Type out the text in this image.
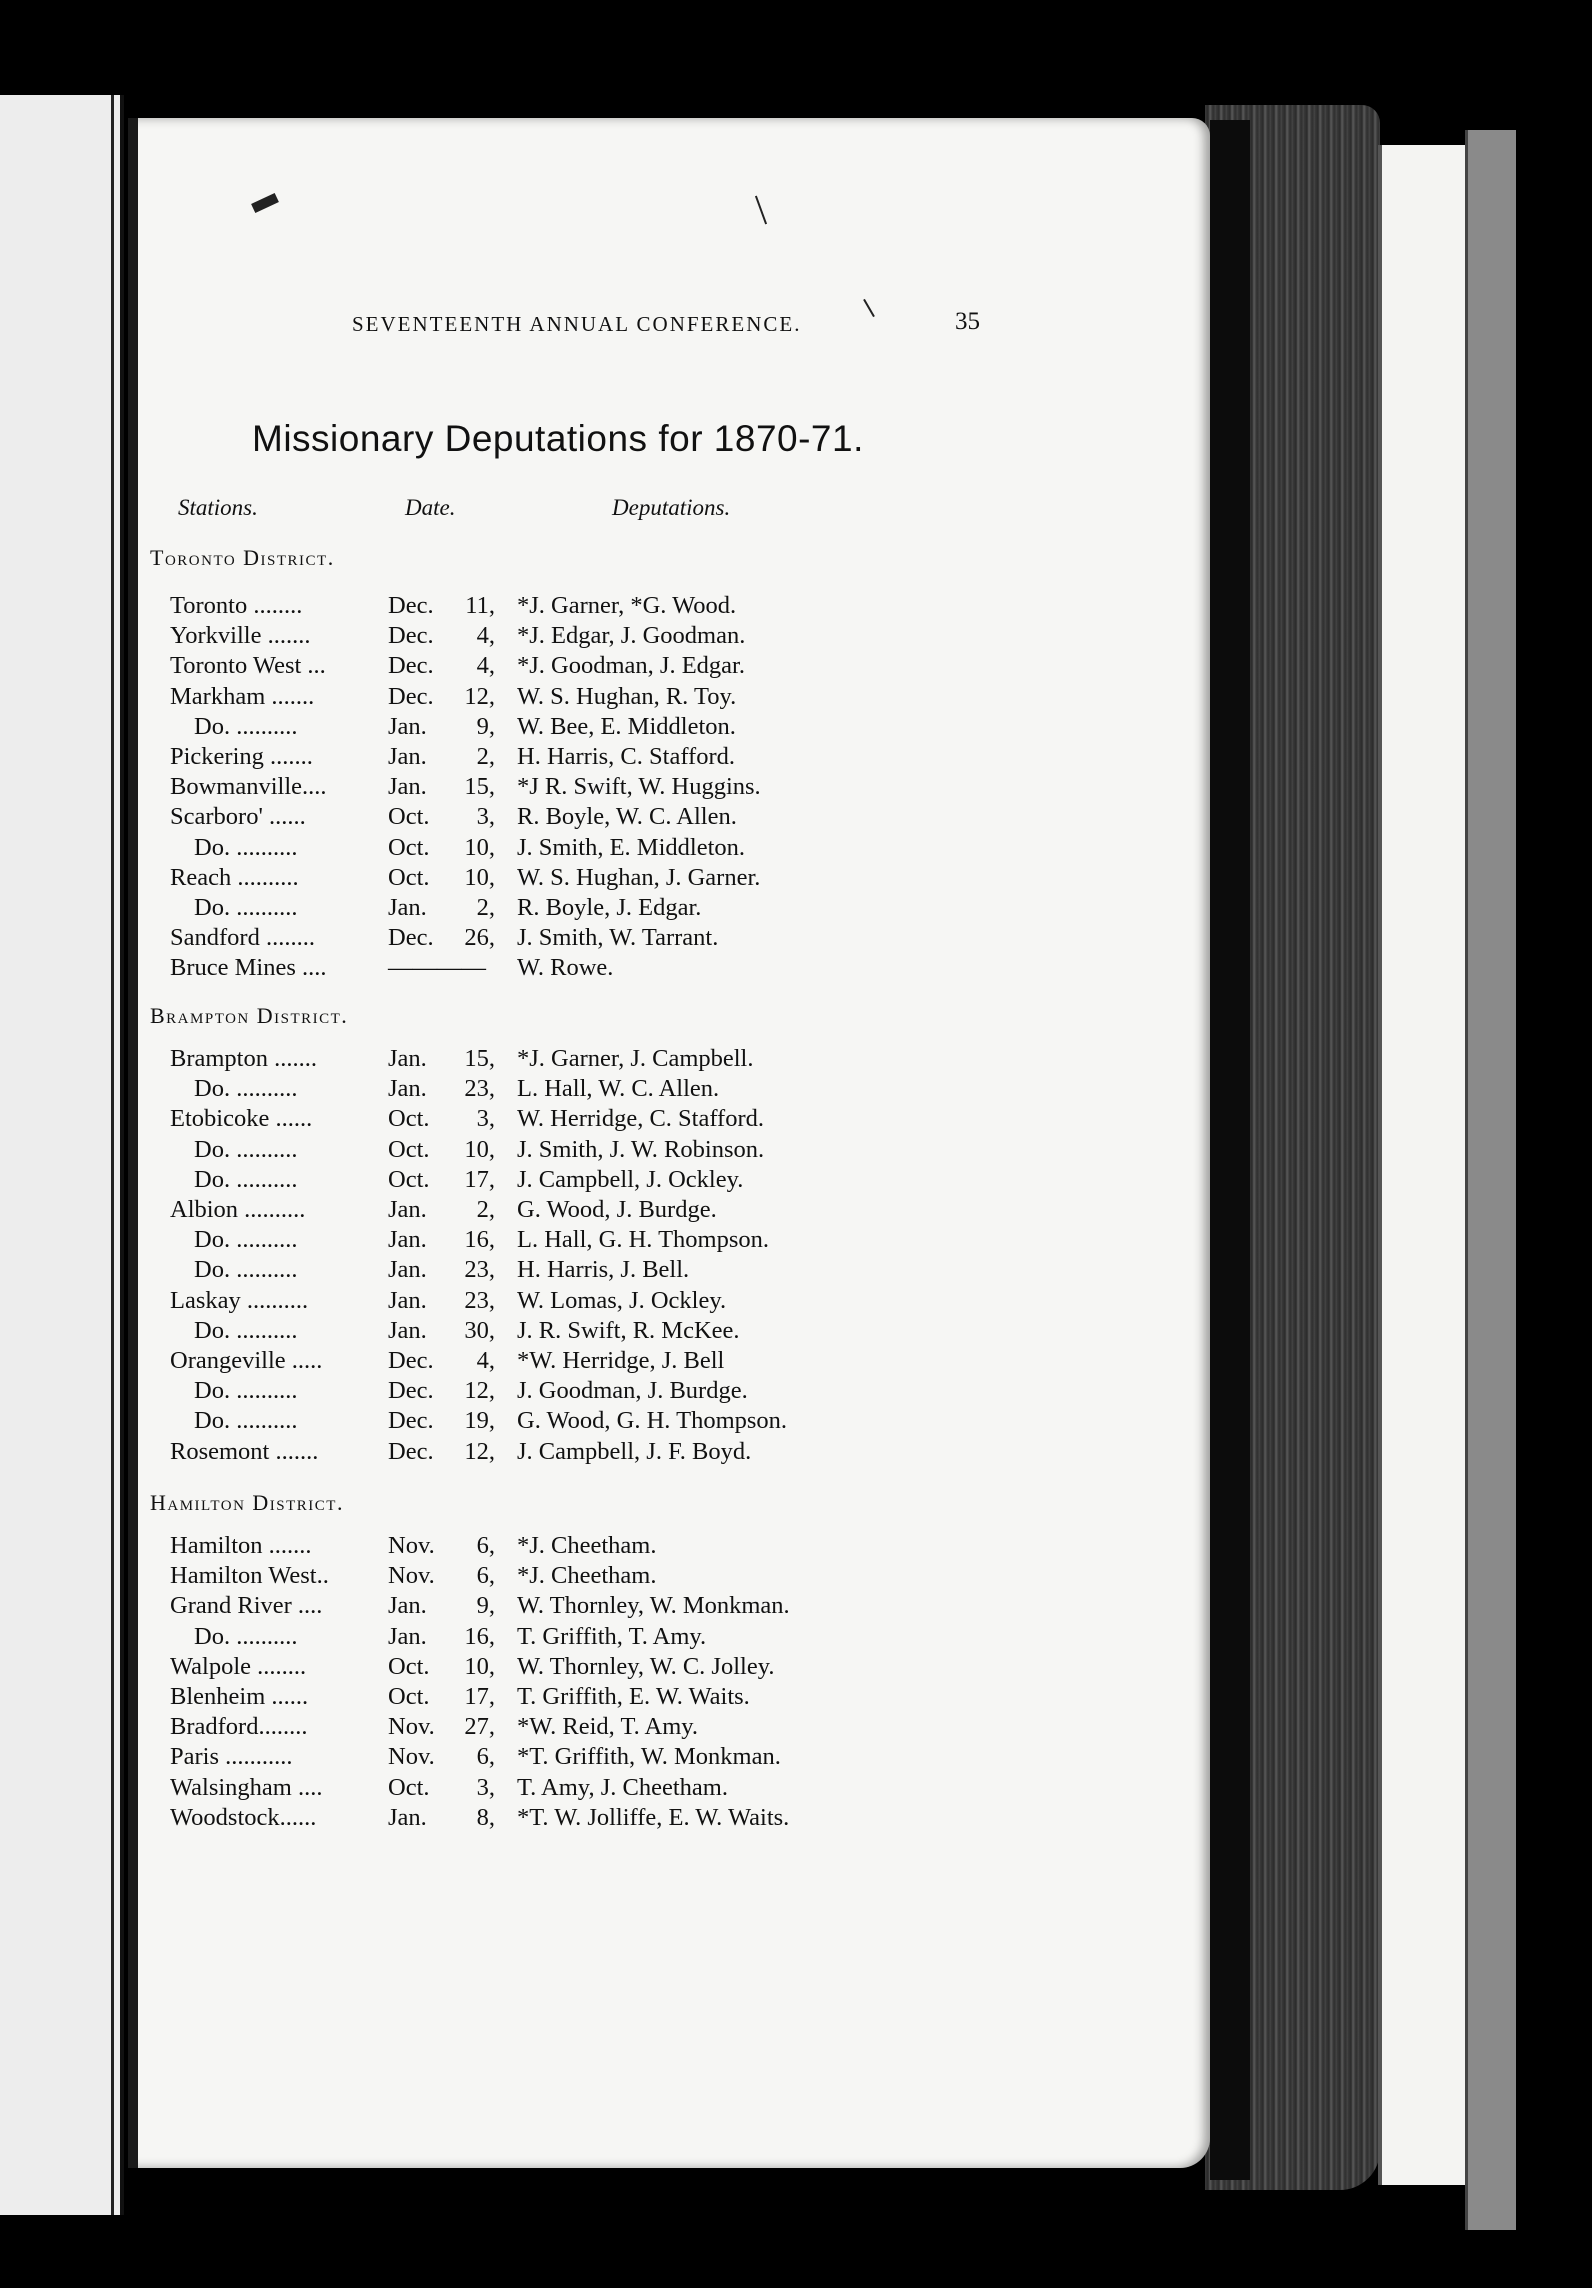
SEVENTEENTH ANNUAL CONFERENCE.	35
Missionary Deputations for 1870-71.
Stations.	Date.	Deputations.
Toronto District.
Toronto ........	Dec.	11, *J. Garner, *G. Wood.
Yorkville .......	Dec.	4, *J. Edgar, J. Goodman.
Toronto West ...	Dec.	4, *J. Goodman, J. Edgar.
Markham .......	Dec.	12, W. S. Hughan, R. Toy.
Do. ..........	Jan.	9, W. Bee, E. Middleton.
Pickering .......	Jan.	2, H. Harris, C. Stafford.
Bowmanville....	Jan.	15, *J R. Swift, W. Huggins.
Scarboro' ......	Oct.	3, R. Boyle, W. C. Allen.
Do. ..........	Oct.	10, J. Smith, E. Middleton.
Reach ..........	Oct.	10, W. S. Hughan, J. Garner.
Do. ..........	Jan.	2, R. Boyle, J. Edgar.
Sandford ........	Dec.	26, J. Smith, W. Tarrant.
Bruce Mines ....	———— W. Rowe.
Brampton District.
Brampton .......	Jan.	15, *J. Garner, J. Campbell.
Do. ..........	Jan.	23, L. Hall, W. C. Allen.
Etobicoke ......	Oct.	3, W. Herridge, C. Stafford.
Do. ..........	Oct.	10, J. Smith, J. W. Robinson.
Do. ..........	Oct.	17, J. Campbell, J. Ockley.
Albion ..........	Jan.	2, G. Wood, J. Burdge.
Do. ..........	Jan.	16, L. Hall, G. H. Thompson.
Do. ..........	Jan.	23, H. Harris, J. Bell.
Laskay ..........	Jan.	23, W. Lomas, J. Ockley.
Do. ..........	Jan.	30, J. R. Swift, R. McKee.
Orangeville .....	Dec.	4, *W. Herridge, J. Bell
Do. ..........	Dec.	12, J. Goodman, J. Burdge.
Do. ..........	Dec.	19, G. Wood, G. H. Thompson.
Rosemont .......	Dec.	12, J. Campbell, J. F. Boyd.
Hamilton District.
Hamilton .......	Nov.	6, *J. Cheetham.
Hamilton West.. Nov.	6, *J. Cheetham.
Grand River ....	Jan.	9, W. Thornley, W. Monkman.
Do. ..........	Jan.	16, T. Griffith, T. Amy.
Walpole ........	Oct.	10, W. Thornley, W. C. Jolley.
Blenheim ......	Oct.	17, T. Griffith, E. W. Waits.
Bradford........	Nov.	27, *W. Reid, T. Amy.
Paris ...........	Nov.	6, *T. Griffith, W. Monkman.
Walsingham ....	Oct.	3, T. Amy, J. Cheetham.
Woodstock......	Jan.	8, *T. W. Jolliffe, E. W. Waits.
